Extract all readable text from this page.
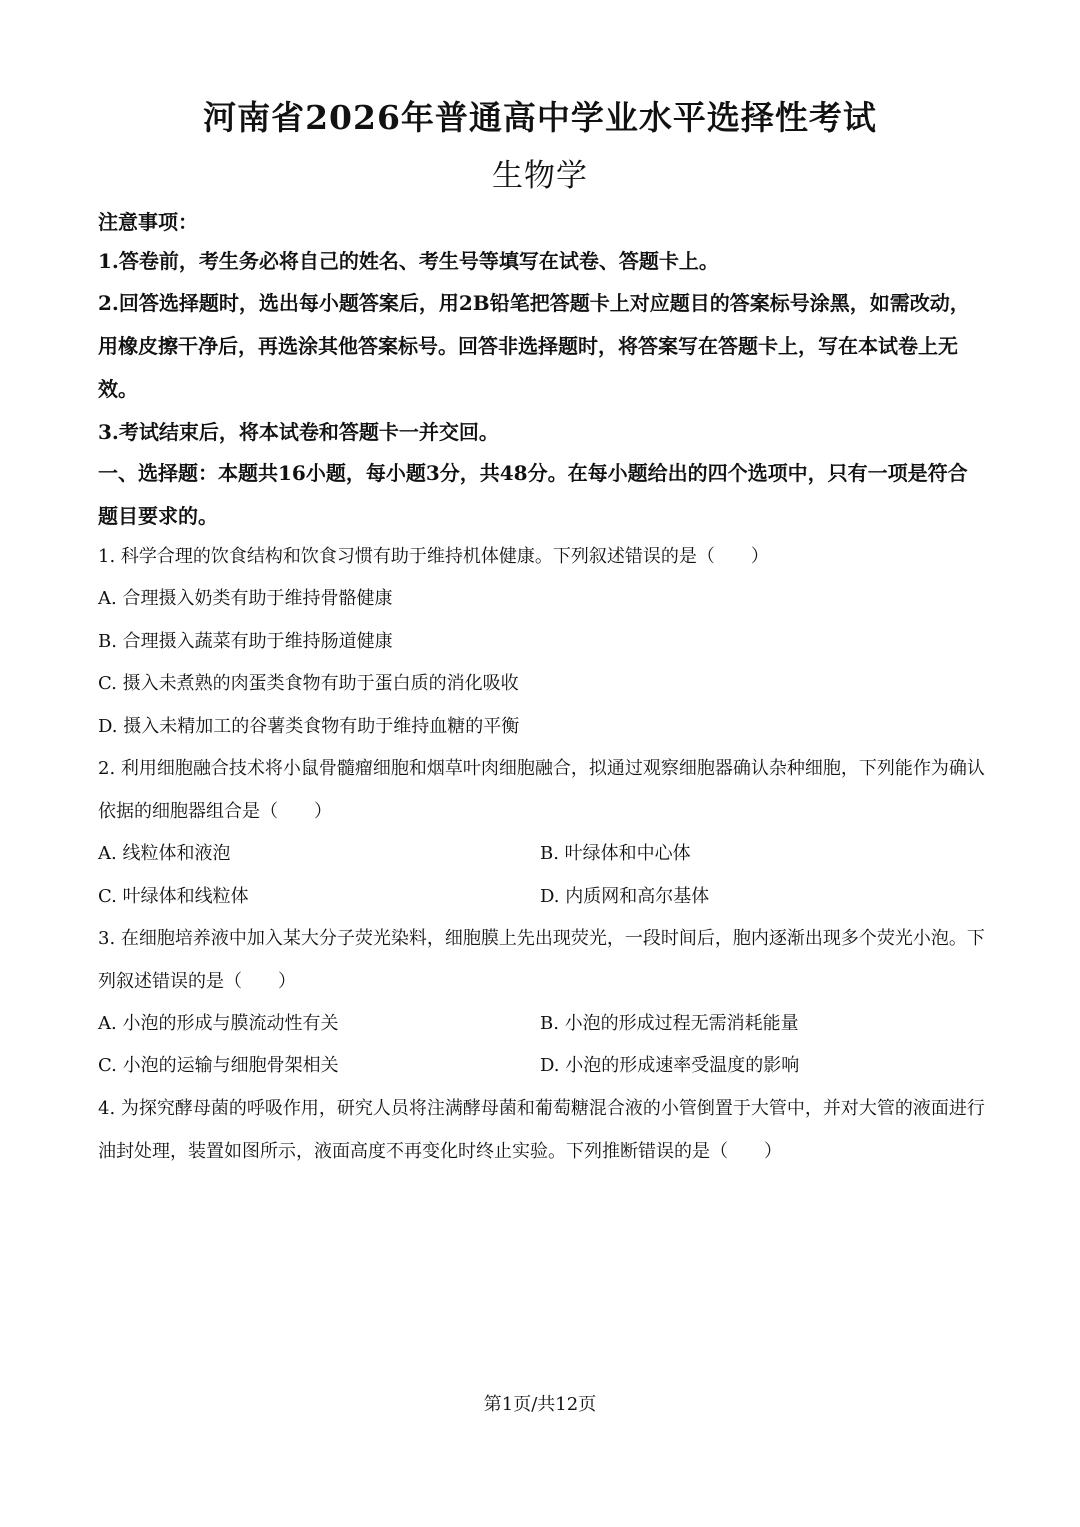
河南省2026年普通高中学业水平选择性考试
生物学
注意事项：
1.答卷前，考生务必将自己的姓名、考生号等填写在试卷、答题卡上。
2.回答选择题时，选出每小题答案后，用2B铅笔把答题卡上对应题目的答案标号涂黑，如需改动，用橡皮擦干净后，再选涂其他答案标号。回答非选择题时，将答案写在答题卡上，写在本试卷上无效。
3.考试结束后，将本试卷和答题卡一并交回。
一、选择题：本题共16小题，每小题3分，共48分。在每小题给出的四个选项中，只有一项是符合题目要求的。
1. 科学合理的饮食结构和饮食习惯有助于维持机体健康。下列叙述错误的是（　　）
A. 合理摄入奶类有助于维持骨骼健康
B. 合理摄入蔬菜有助于维持肠道健康
C. 摄入未煮熟的肉蛋类食物有助于蛋白质的消化吸收
D. 摄入未精加工的谷薯类食物有助于维持血糖的平衡
2. 利用细胞融合技术将小鼠骨髓瘤细胞和烟草叶肉细胞融合，拟通过观察细胞器确认杂种细胞，下列能作为确认依据的细胞器组合是（　　）
A. 线粒体和液泡	B. 叶绿体和中心体
C. 叶绿体和线粒体	D. 内质网和高尔基体
3. 在细胞培养液中加入某大分子荧光染料，细胞膜上先出现荧光，一段时间后，胞内逐渐出现多个荧光小泡。下列叙述错误的是（　　）
A. 小泡的形成与膜流动性有关	B. 小泡的形成过程无需消耗能量
C. 小泡的运输与细胞骨架相关	D. 小泡的形成速率受温度的影响
4. 为探究酵母菌的呼吸作用，研究人员将注满酵母菌和葡萄糖混合液的小管倒置于大管中，并对大管的液面进行油封处理，装置如图所示，液面高度不再变化时终止实验。下列推断错误的是（　　）
第1页/共12页
